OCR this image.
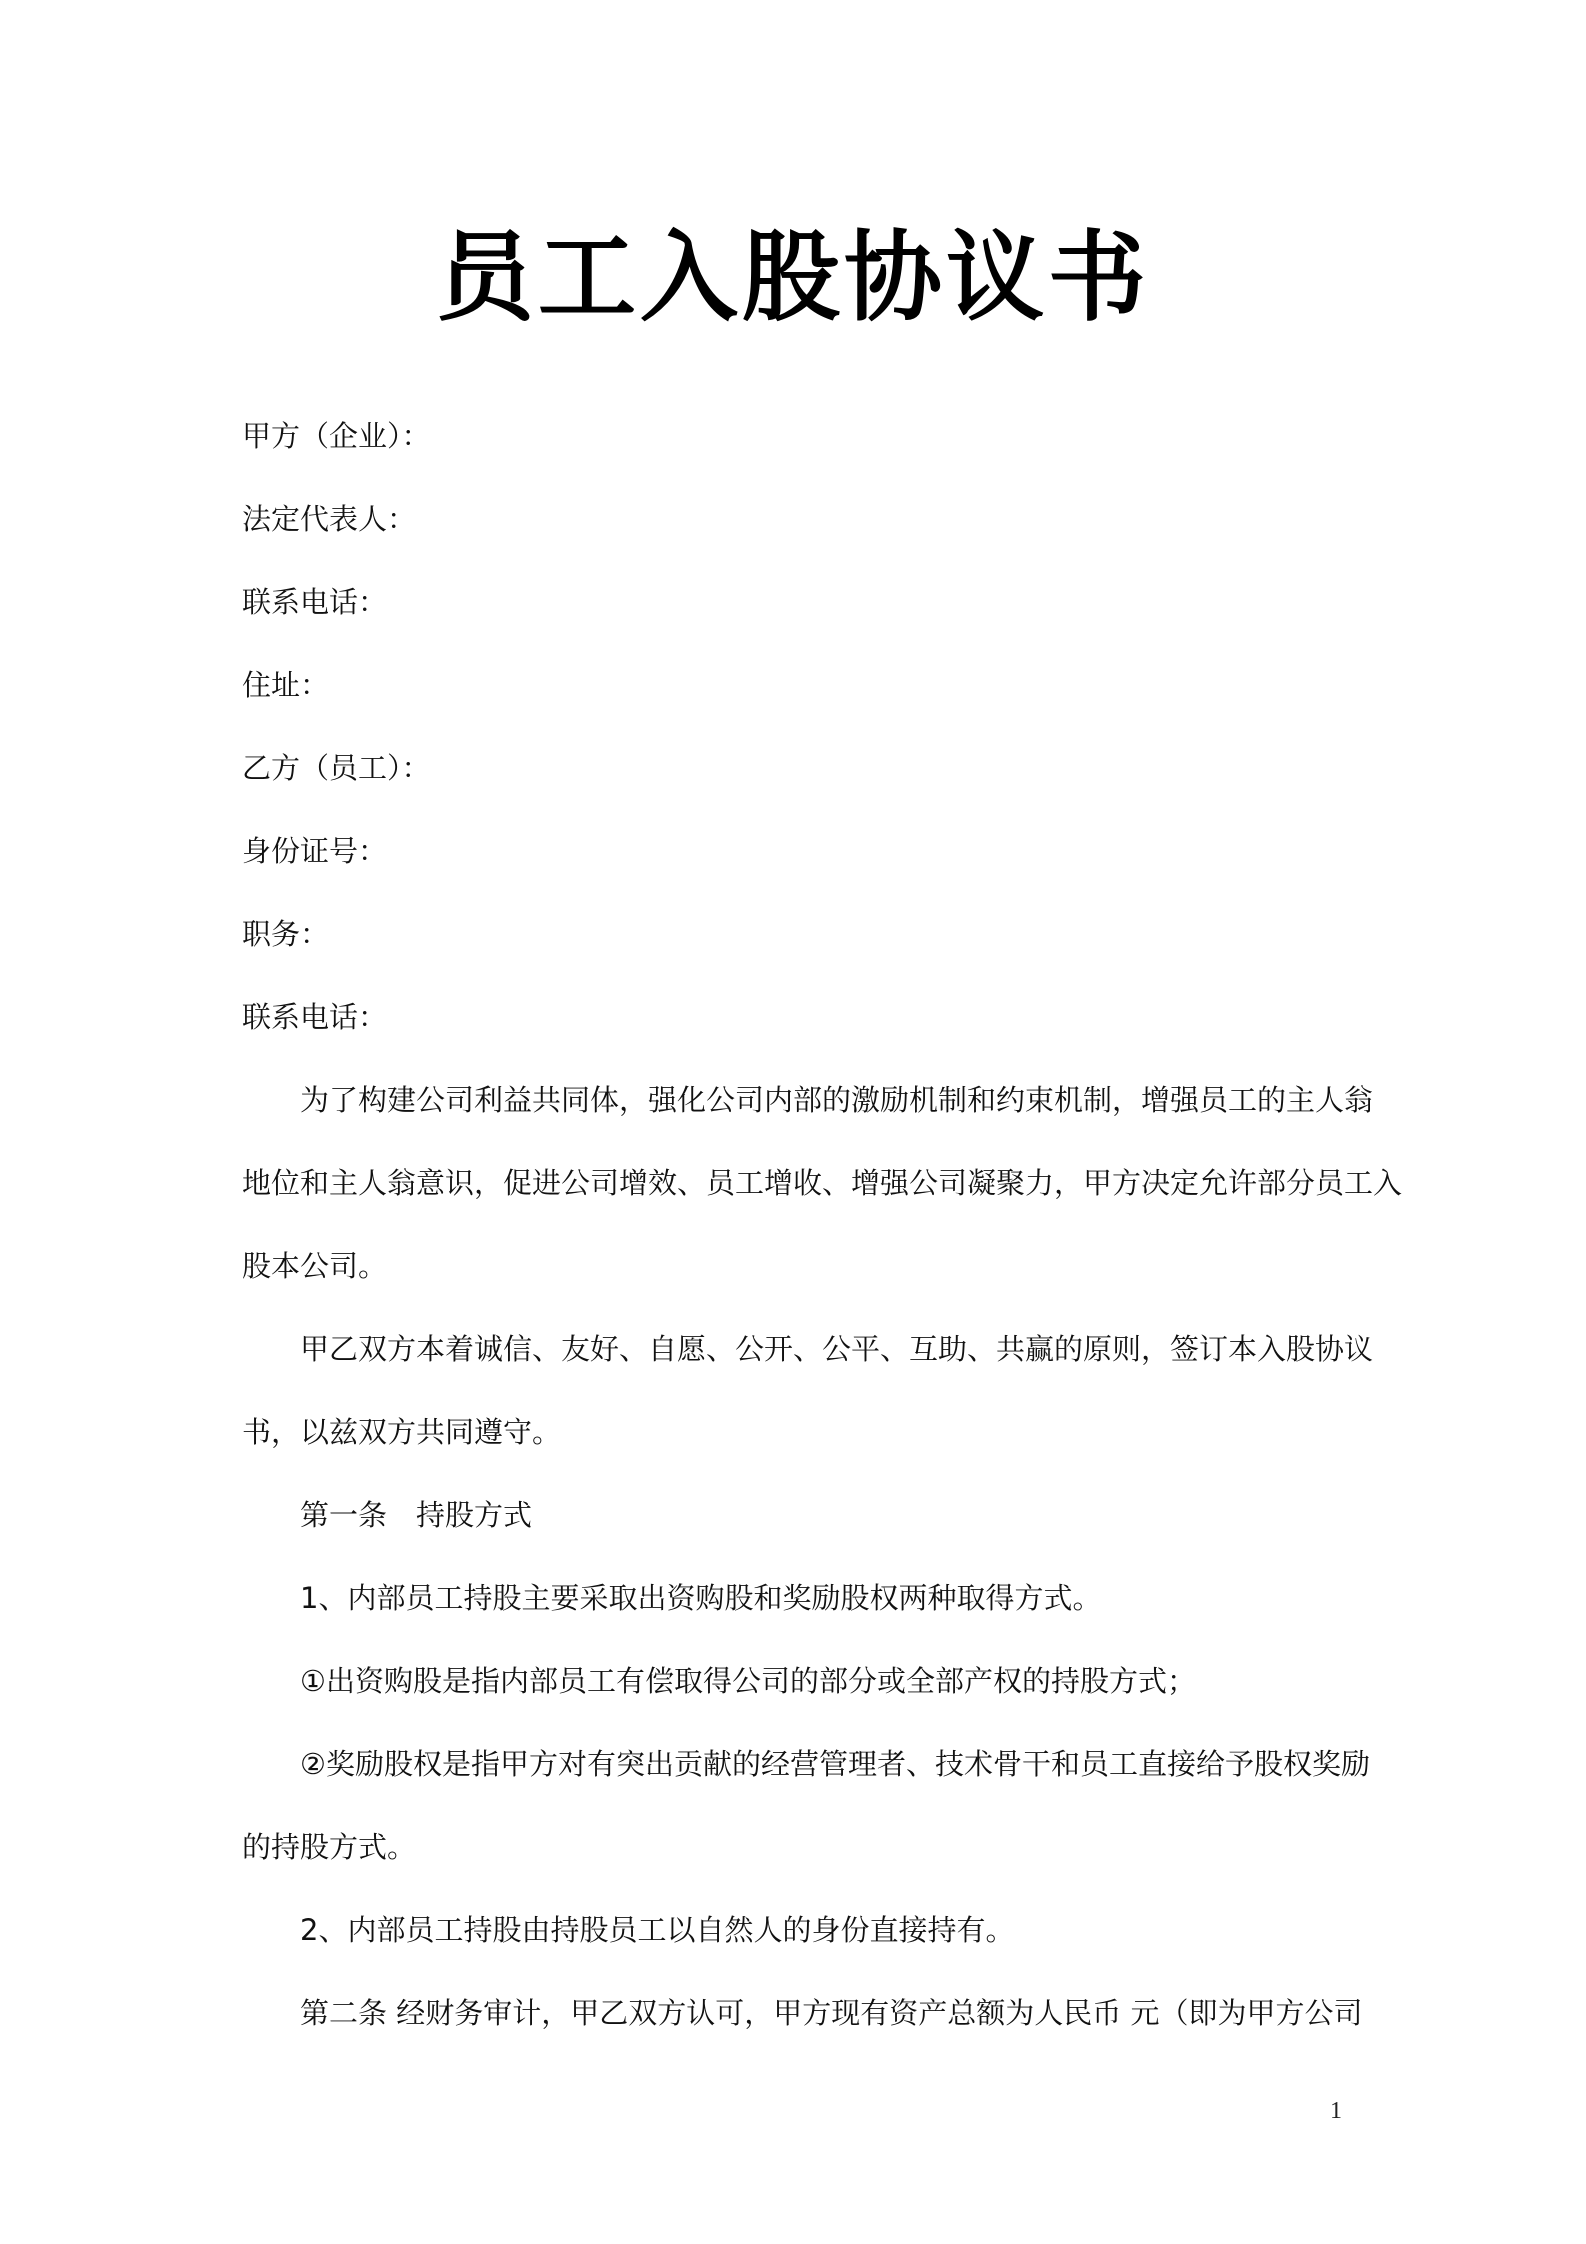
员工入股协议书
甲方（企业）：
法定代表人：
联系电话：
住址：
乙方（员工）：
身份证号：
职务：
联系电话：
为了构建公司利益共同体，强化公司内部的激励机制和约束机制，增强员工的主人翁
地位和主人翁意识，促进公司增效、员工增收、增强公司凝聚力，甲方决定允许部分员工入
股本公司。
甲乙双方本着诚信、友好、自愿、公开、公平、互助、共赢的原则，签订本入股协议
书，以兹双方共同遵守。
第一条　持股方式
1、内部员工持股主要采取出资购股和奖励股权两种取得方式。
①出资购股是指内部员工有偿取得公司的部分或全部产权的持股方式；
②奖励股权是指甲方对有突出贡献的经营管理者、技术骨干和员工直接给予股权奖励
的持股方式。
2、内部员工持股由持股员工以自然人的身份直接持有。
第二条 经财务审计，甲乙双方认可，甲方现有资产总额为人民币 元（即为甲方公司
1
